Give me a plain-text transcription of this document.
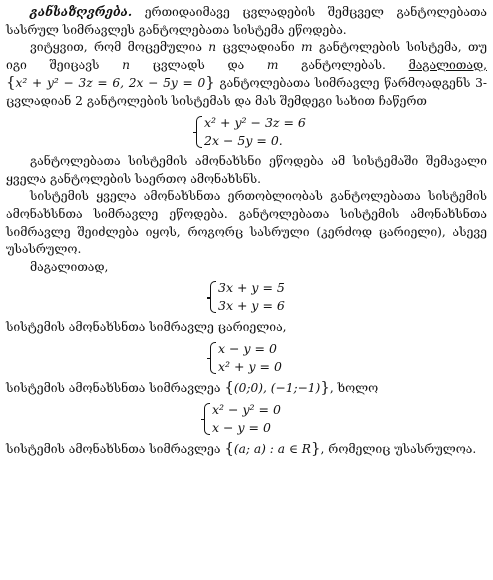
განსაზღვრება. ერთიდაიმავე ცვლადების შემცველ განტოლებათა სასრულ სიმრავლეს განტოლებათა სისტემა ეწოდება.

ვიტყვით, რომ მოცემულია n ცვლადიანი m განტოლების სისტემა, თუ იგი შეიცავს n ცვლადს და m განტოლებას. მაგალითად, {x² + y² − 3z = 6, 2x − 5y = 0} განტოლებათა სიმრავლე წარმოადგენს 3-ცვლადიან 2 განტოლების სისტემას და მას შემდეგი სახით ჩაწერთ

x² + y² − 3z = 6
2x − 5y = 0.

განტოლებათა სისტემის ამონახსნი ეწოდება ამ სისტემაში შემავალი ყველა განტოლების საერთო ამონახსნს.

სისტემის ყველა ამონახსნთა ერთობლიობას განტოლებათა სისტემის ამონახსნთა სიმრავლე ეწოდება. განტოლებათა სისტემის ამონახსნთა სიმრავლე შეიძლება იყოს, როგორც სასრული (კერძოდ ცარიელი), ასევე უსასრულო.

მაგალითად,

3x + y = 5
3x + y = 6

სისტემის ამონახსნთა სიმრავლე ცარიელია,

x − y = 0
x² + y = 0

სისტემის ამონახსნთა სიმრავლეა {(0;0), (−1;−1)}, ხოლო

x² − y² = 0
x − y = 0

სისტემის ამონახსნთა სიმრავლეა {(a; a) : a ∈ R}, რომელიც უსასრულოა.
